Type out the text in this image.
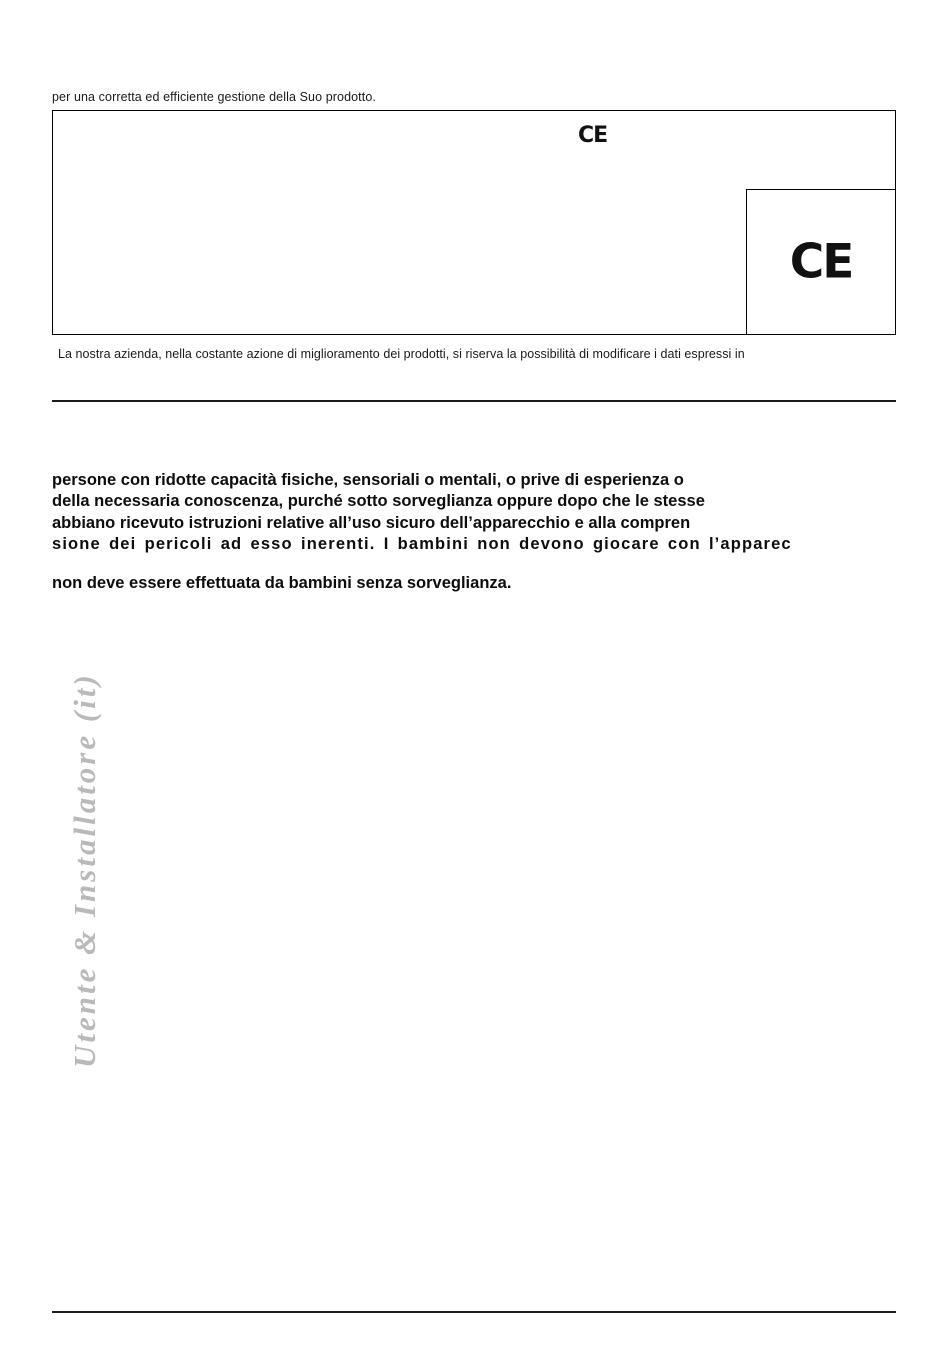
Utente & Installatore (it)
per una corretta ed efficiente gestione della Suo prodotto.
CE
CE
La nostra azienda, nella costante azione di miglioramento dei prodotti, si riserva la possibilità di modificare i dati espressi in
persone con ridotte capacità fisiche, sensoriali o mentali, o prive di esperienza o
della necessaria conoscenza, purché sotto sorveglianza oppure dopo che le stesse
abbiano ricevuto istruzioni relative all’uso sicuro dell’apparecchio e alla compren
sione dei pericoli ad esso inerenti. I bambini non devono giocare con l’apparec
non deve essere effettuata da bambini senza sorveglianza.
